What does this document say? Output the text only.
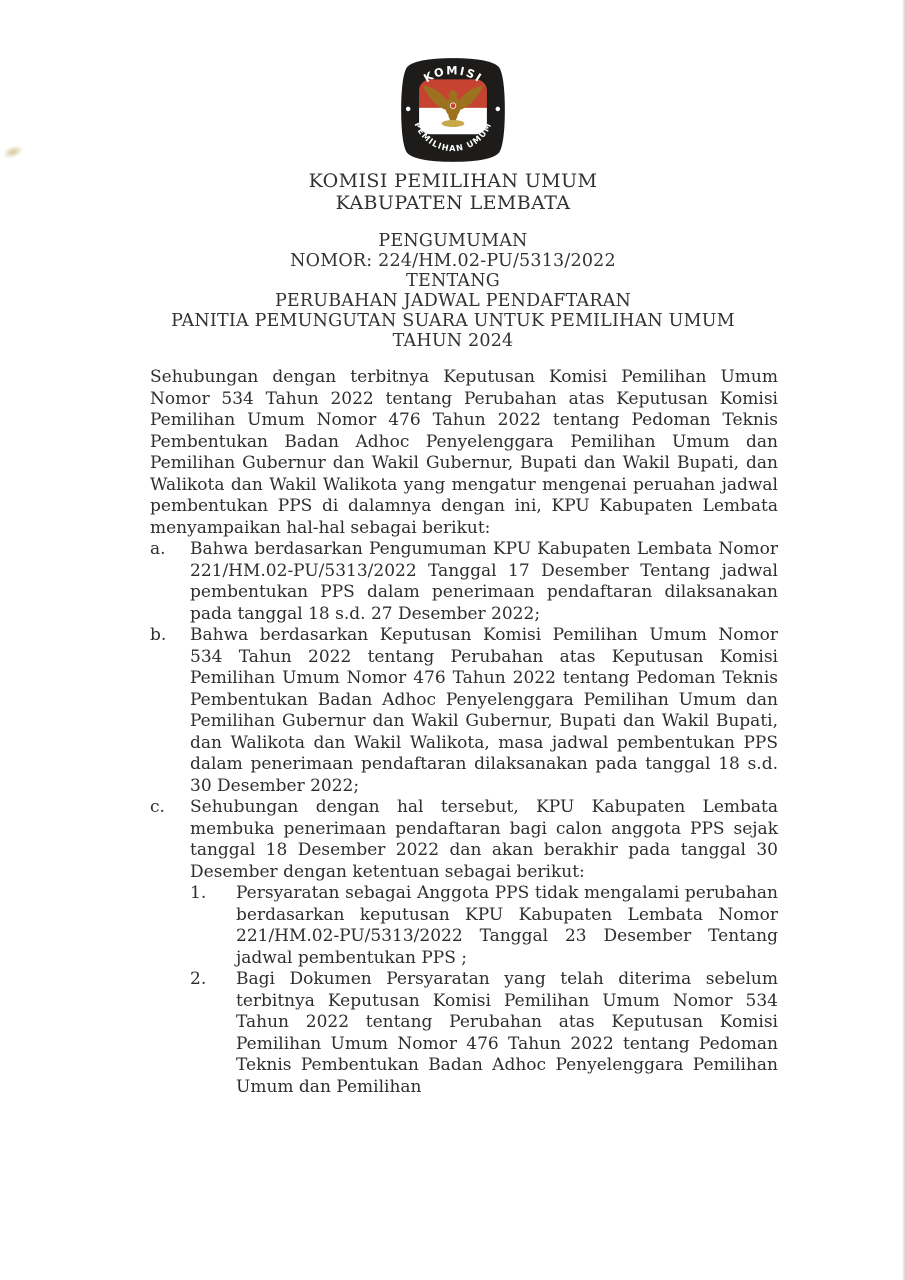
KOMISI
PEMILIHAN UMUM
KOMISI PEMILIHAN UMUM
KABUPATEN LEMBATA
PENGUMUMAN
NOMOR: 224/HM.02-PU/5313/2022
TENTANG
PERUBAHAN JADWAL PENDAFTARAN
PANITIA PEMUNGUTAN SUARA UNTUK PEMILIHAN UMUM
TAHUN 2024

Sehubungan dengan terbitnya Keputusan Komisi Pemilihan Umum Nomor 534 Tahun 2022 tentang Perubahan atas Keputusan Komisi Pemilihan Umum Nomor 476 Tahun 2022 tentang Pedoman Teknis Pembentukan Badan Adhoc Penyelenggara Pemilihan Umum dan Pemilihan Gubernur dan Wakil Gubernur, Bupati dan Wakil Bupati, dan Walikota dan Wakil Walikota yang mengatur mengenai peruahan jadwal pembentukan PPS di dalamnya dengan ini, KPU Kabupaten Lembata menyampaikan hal-hal sebagai berikut:

a.	Bahwa berdasarkan Pengumuman KPU Kabupaten Lembata Nomor 221/HM.02-PU/5313/2022 Tanggal 17 Desember Tentang jadwal pembentukan PPS dalam penerimaan pendaftaran dilaksanakan pada tanggal 18 s.d. 27 Desember 2022;
b.	Bahwa berdasarkan Keputusan Komisi Pemilihan Umum Nomor 534 Tahun 2022 tentang Perubahan atas Keputusan Komisi Pemilihan Umum Nomor 476 Tahun 2022 tentang Pedoman Teknis Pembentukan Badan Adhoc Penyelenggara Pemilihan Umum dan Pemilihan Gubernur dan Wakil Gubernur, Bupati dan Wakil Bupati, dan Walikota dan Wakil Walikota, masa jadwal pembentukan PPS dalam penerimaan pendaftaran dilaksanakan pada tanggal 18 s.d. 30 Desember 2022;
c.	Sehubungan dengan hal tersebut, KPU Kabupaten Lembata membuka penerimaan pendaftaran bagi calon anggota PPS sejak tanggal 18 Desember 2022 dan akan berakhir pada tanggal 30 Desember dengan ketentuan sebagai berikut:
1.	Persyaratan sebagai Anggota PPS tidak mengalami perubahan berdasarkan keputusan KPU Kabupaten Lembata Nomor 221/HM.02-PU/5313/2022 Tanggal 23 Desember Tentang jadwal pembentukan PPS ;
2.	Bagi Dokumen Persyaratan yang telah diterima sebelum terbitnya Keputusan Komisi Pemilihan Umum Nomor 534 Tahun 2022 tentang Perubahan atas Keputusan Komisi Pemilihan Umum Nomor 476 Tahun 2022 tentang Pedoman Teknis Pembentukan Badan Adhoc Penyelenggara Pemilihan Umum dan Pemilihan
